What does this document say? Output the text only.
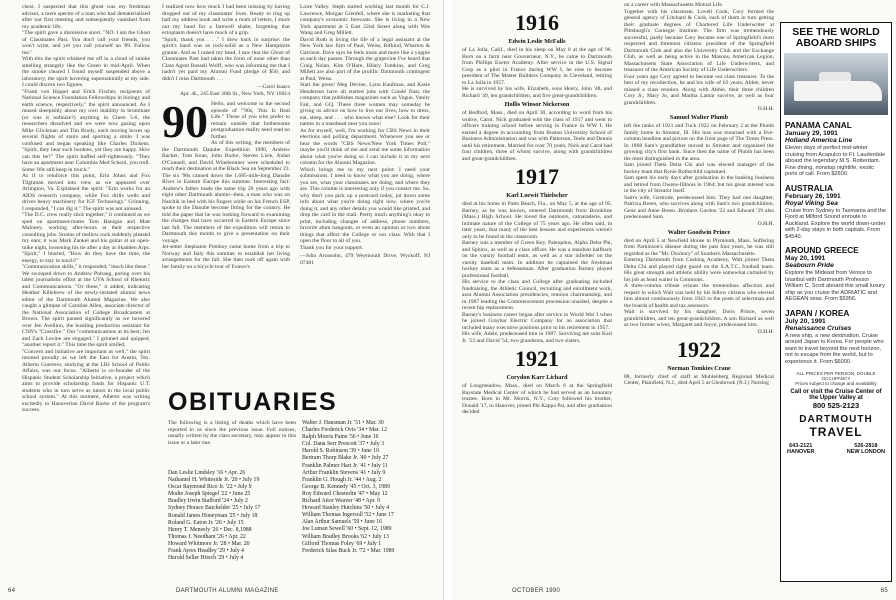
chest. I suspected that this ghost was my freshman advisor, a mere spectre of a man who had dematerialized after our first meeting and subsequently vanished from my academic life.
"The spirit gave a dismissive snort. "NO. I am the Ghost of Classmates Past. You don't call your friends, you won't write, and yet you call yourself an '89. Follow me."
With this the spirit whisked me off in a cloud of smoke smelling strangely like the Green in mid-April. When the smoke cleared I found myself suspended above a laboratory, the spirit hovering supernaturally at my side. I could discern two figures.
"Frank von Hippel and Erich Fischer, recipients of National Science Foundation Fellowships in biology and earth science, respectively," the spirit announced. As I mused sheepishly about my own inability to brominate (or was it iodinize?) anything in Chem 5-6, the researchers dissolved and we were now gazing upon Mike Glickman and Tim Brody, each moving boxes up several flights of stairs and sporting a smile. I was confused and began speaking like Charles Dickens. "Spirit, they bear such burdens, yet they are happy. How can this be?" The spirit huffed self-righteously. "They have an apartment near Columbia Med School, you troll. Some '89s still keep in touch."
As if to reinforce this point, Erin Johns and Fox Tilghman moved into view as we appeared over Arlington, Va. Explained the spirit: "Erin works for an AIDS research company, while Fox drills wells and drives heavy machinery for ICF Technology." Grinning, I responded, "I can dig it." The spirit was not amused.
"The D.C. crew really stick together," it continued as we sped on apartment-mates Tom Hanigan and Matt Maloney, working after-hours at their respective consulting jobs. Strains of mellow rock suddenly pleased my ears; it was Mark Zankel and his guitar at an open-mike night, loosening his tie after a day at Skadden Arps.
"Spirit," I blurted, "How do they have the time, the energy, to stay in touch?"
"Communication skills," it responded, "much like these." We swooped down to Andrew Polrang, poring over his latest journalistic effort at the UVA School of Rhetoric and Communications. "Or these," it added, indicating Heather Killebrew of the newly-instated alumni news editor of the Dartmouth Alumni Magazine. We also caught a glimpse of Caroline Allen, associate director of the National Association of College Broadcasters at Brown. The spirit paused significantly as we hovered over Jen Avellino, the bustling production assistant for CNN's "Crossfire." Our "communications at its best; Jen and Zach Levine are engaged." I grinned and quipped, "another report it." This time the spirit smiled.
"Concern and initiative are important as well," the spirit intoned proudly as we left the East for Austin, Tex. Alberto Guerrero, studying at the LBJ School of Public Affairs, was our focus. "Alberto is co-founder of the Hispanic Student Scholarship Initiative, a project which aims to provide scholarship funds for Hispanic U.T. students who in turn serve as tutors in the local public school system." At this moment, Alberto was writing excitedly to Hanoverian David Burke of the program's success.
I realized now how much I had been missing by having dropped out of my classmates' lives. Ready to ring up half my address book and write a ream of letters, I stuck out my hand for a farewell shake, forgetting that ectoplasm doesn't have much of a grip.
"Spirit, thank you . . ." I drew back in surprise: the spirit's hand was as rock-solid as a New Hampshire granite. And as I raised my head, I saw that the Ghost of Classmates Past had taken the form of none other than Class Agent Russell Wolff, who was informing me that I hadn't yet paid my Alumni Fund pledge of $50, and didn't I miss Dartmouth . . .
—Carol Isaacs
Apt. 4L, 245 East 30th St., New York, NY 10014
90 Hello, and welcome to the second episode of "'90s, This Is Real Life." Those of you who prefer to remain outside that bothersome postgraduation reality need read no further.
As of this writing, the members of the Dartmouth Danube Expedition 1990, Andrew Backer, Tom Kean, John Burke, Steven Lisle, Aidan O'Connell, and David Winebrenner were scheduled to reach their destination at the Black Sea on September 23. The six '90s canoed down the 1,685-mile-long Danube River in Eastern Europe this summer. Interesting fact: Andrew's father made the same trip 26 years ago with eight other Dartmouth alumni--then, a man who was on Natchik in bed with his fingers while on his French ESP, spoke to the Danube become fitting for the country. He told the paper that he was looking forward to examining the changes that have occurred in Eastern Europe since last fall. The members of the expedition will return to Dartmouth this month to give a presentation on their voyage.
Jet-setter Stephanie Pomboy came home from a trip to Norway and Italy this summer to establish her living arrangements for the fall. She then took off again with her family on a bicycle tour of France's
Loire Valley. Steph started working last month for C.J. Lawrence, Morgan Grenfell, where she is marketing that company's economic forecasts. She is living in a New York apartment at 5 East 22nd Street along with Wes Wang and Greg Millett.
David Roth is living the life of a legal assistant at the New York law firm of Paul, Weiss, Rifkind, Wharton & Garrison. Dave says he feels more and more like a yuppie as each day passes. Through the grapevine I've heard that Craig Nolan, Kim O'Hare, Hilary Tomkins, and Greg Millett are also part of the prolific Dartmouth contingent at Paul, Weiss.
Start the press! Meg Devine, Lynn Kaufman, and Kasie Henderson have all started jobs with Condé Nast, the company that publishes magazines such as Vogue, Vanity Fair, and GQ. These three women may someday be giving us advice on how to live our lives, how to dress, eat, sleep, and . . . who knows what else? Look for their names in a masthead near you soon!
As for myself, well, I'm working for CBS News in their elections and polling department. Whenever you see or hear the words "CBS News/New York Times Poll," maybe you'll think of me and send me some information about what you're doing so I can include it in my next column for the Alumni Magazine.
Which brings me to my next point: I need your submissions. I need to know what you are doing, where you are, what your classmates are doing, and where they are. This column is interesting only if you contact me. So, why don't you pick up a postcard today, jot down some info about what you're doing right now, where you're doing it, and any other details you would like printed, and drop the card in the mail. Pretty much anything's okay to print, including changes of address, phone numbers, favorite alum hangouts, or even an opinion or two about things that affect the College or our class. With that I open the floor to all of you.
Thank you for your support.
—John Aronsohn, 479 Weymouth Drive, Wyckoff, NJ 07481
OBITUARIES
The following is a listing of deaths which have been reported to us since the previous issue. Full notices, usually written by the class secretary, may appear in this issue or a later one.
Dan Leslie Lindsley '16 • Apr. 26
Nathaniel H. Whiteside Jr. '20 • July 19
Oscar Raymond Rice Jr. '22 • July 9
Modie Joseph Spiegel '22 • June 25
Bradley Irwin Stafford '24 • July 2
Sydney Horace Batchelder '25 • July 17
Ronald James Honeyman '25 • July 18
Roland G. Eaton Jr. '26 • July 15
Henry T. Meneely '26 • Dec. 8,1988
Thomas J. Needham '26 • Apr. 22
Howard Whitmore Jr. '28 • Mar. 20
Frank Ayres Headley '29 • July 4
Harold Seller Hirsch '29 • July 4
Walter J. Hausman Jr. '31 • Mar. 30
Charles Frederick Ovis '34 • Mar. 12
Ralph Morris Paine '36 • June 16
Col. Dana Serr Prescott '37 • July 3
Harold S. Robinson '39 • June 10
Bertram Thorp Blake Jr. '40 • July 27
Franklin Palmer Hart Jr. '41 • July 11
Arthur Franklin Stevens '41 • July 9
Franklin G. Hough Jr. '44 • Aug. 2
George B. Kennedy '45 • Oct. 3, 1989
Roy Edward Chesterlin '47 • May 12
Richard Aitor Weaver '48 • Apr. 9
Howard Stanley Hutchins '50 • July 4
William Thomas Ingersoll '52 • June 17
Alan Arthur Samuels '59 • June 16
Joe Luman Sewell '60 • Sept. 12, 1989
William Bradley Brooks '62 • July 13
Gifford Thomas Foley '69 • July 1
Frederick Silas Buck Jr. '72 • Mar. 1989
64	DARTMOUTH ALUMNI MAGAZINE
1916
Edwin Leslie McFalls
of La Jolla, Calif., died in his sleep on May 8 at the age of 96. Born on a farm near Gouverneur, N.Y., he came to Dartmouth from Phillips Exeter Academy. After service in the U.S. Signal Corp as a pilot in France during WW I, he rose to become president of The Master Builders Company in Cleveland, retiring to La Jolla in 1957.
He is survived by his wife, Elizabeth, sons Henry, John '48, and Richard '49, ten grandchildren, and five great-grandchildren.
Hollis Winsor Nickerson
of Bedford, Mass., died on April 30, according to word from his widow, Carol. Nick graduated with the class of 1917 and went to officers training school before serving in France in WW I. He earned a degree in accounting from Boston University School of Business Administration and was with Patterson, Teele and Dennis until his retirement. Married for over 70 years, Nick and Carol had four children, three of whom survive, along with grandchildren and great-grandchildren.
1917
Karl Loewit Thielscher
died at his home in Palm Beach, Fla., on May 5, at the age of 95. Barney, as he was known, entered Dartmouth from Brookline (Mass.) High School. He loved the outdoors, camaraderie, and intimate nature of the College of 75 years ago. He often said, in later years, that many of the best lessons and experiences weren't only to be found in the classroom.
Barney was a member of Green Key, Paleopitus, Alpha Delta Phi, and Sphinx, as well as a class officer. He was a standout halfback on the varsity football team, as well as a star infielder on the varsity baseball team. In addition he captained the freshman hockey team as a defenseman. After graduation Barney played professional football.
His service to the class and College after graduating included fundraising, the Athletic Council, recruiting and enrollment work, area Alumni Association presidencies, reunion chairmanship, and in 1987 leading the Commencement procession unaided, despite a recent hip replacement.
Barney's business career began after service in World War I when he joined Graybar Electric Company for an association that included many executive positions prior to his retirement in 1957.
His wife, Adele, predeceased him in 1987. Surviving are sons Karl Jr. '52 and David '54, two grandsons, and two sisters.
1921
Corydon Karr Lichard
of Longmeadow, Mass., died on March 6 at the Springfield Baystate Medical Center of which he had served as an honorary trustee. Born in Mt. Morris, N.Y., Coty followed his brother, Donald '17, to Hanover, joined Phi Kappa Psi, and after graduation decided
on a career with Massachusetts Mutual Life.
Together with his classmate, Lovell Cook, Cory formed the general agency of Litchard & Cook, each of them in turn getting their graduate degrees of Chartered Life Underwriter at Pittsburgh's Carnegie Institute. The firm was tremendously successful, partly because Cory became one of Springfield's most respected and foremost citizens: president of the Springfield Dartmouth Club and also the University Club and the Exchange Club, as well as being active in the Masons, American Legion, Massachusetts State Association of Life Underwriters, and treasurer of the American Society of Life Underwriters.
Four years ago Cory agreed to become our class treasurer. To the best of my recollection, he and his wife of 63 years, Abbie, never missed a class reunion. Along with Abbie, their three children Cory Jr., Mary Jo, and Martha Lamar survive, as well as four grandchildren.
O.H.H.
Samuel Walter Plumb
left the ranks of 1921 and Tuck 1922 on February 2 at the Plumb family home in Streator, Ill. His loss was mourned with a five-column headline and picture on the front page of The Times Press. In 1868 Sam's grandfather moved to Streator and organized the growing city's first bank. Since then the name of Plumb has been the most distinguished in the area.
Sam joined Theta Delta Chi and was elected manager of the hockey team that Rynie Rothschild captained.
Sam spent his early days after graduation in the banking business and retired from Owens-Illinois in 1964; but his great interest was in the city of Streator itself.
Sam's wife, Gertrude, predeceased him. They had one daughter, Patricia Breen, who survives along with Sam's two grandchildren, Gene and Anne Breen. Brothers Gordon '22 and Edward '29 also predeceased Sam.
O.H.H.
Walter Goodwin Prince
died on April 5 at Newfield House in Plymouth, Mass. Suffering from Parkinson's disease during the past four years, he was still regarded as the "Mr. Duxbury" of Southern Massachusetts.
Entering Dartmouth from Cushing Academy, Walt joined Theta Delta Chi and played right guard on the S.A.T.C. football team. His great strength and athletic ability were somewhat curtailed by his job as head waiter in Commons.
A three-column tribute echoes the tremendous affection and respect in which Walt was held by his fellow citizens who elected him almost continuously from 1943 to the posts of selectman and the boards of health and tax assessors.
Walt is survived by his daughter, Doris Prince, seven grandchildren, and ten great-grandchildren. A son Richard as well as two former wives, Margaret and Joyce, predeceased him.
O.H.H.
1922
Norman Tomkies Crane
88, formerly chief of staff at Muhlenberg Regional Medical Center, Plainfield, N.J., died April 5 at Glenbrook (N.J.) Nursing
OCTOBER 1990	65
SEE THE WORLD ABOARD SHIPS
PANAMA CANAL
January 29, 1991
Holland America Line
Eleven days of perfect mid-winter cruising from Acapulco to Ft. Lauderdale aboard the legendary M.S. Rotterdam. Fine dining, nonstop nightlife, exotic ports of call. From $2600.
AUSTRALIA
February 26, 1991
Royal Viking Sea
Cruise from Sydney to Tasmania and the Fjord at Milford Sound enroute to Auckland. Explore the world down-under with 2-day stays in both capitals. From $4540.
AROUND GREECE
May 20, 1991
Seabourn Pride
Explore the Mideast from Venice to Istanbul with Dartmouth Professor William C. Scott aboard this small luxury ship as you cruise the ADRIATIC and AEGEAN seas. From $5956.
JAPAN / KOREA
July 20, 1991
Renaissance Cruises
A new ship, a new destination. Cruise around Japan to Korea. For people who want to travel beyond the next horizon, not to escape from the world, but to experience it. From $6000.
ALL PRICES PER PERSON, DOUBLE OCCUPANCY
Prices subject to change and availability
Call or visit the Cruise Center of the Upper Valley at
800 525-2123
DARTMOUTH
TRAVEL
643-2121
HANOVER
526-2818
NEW LONDON
